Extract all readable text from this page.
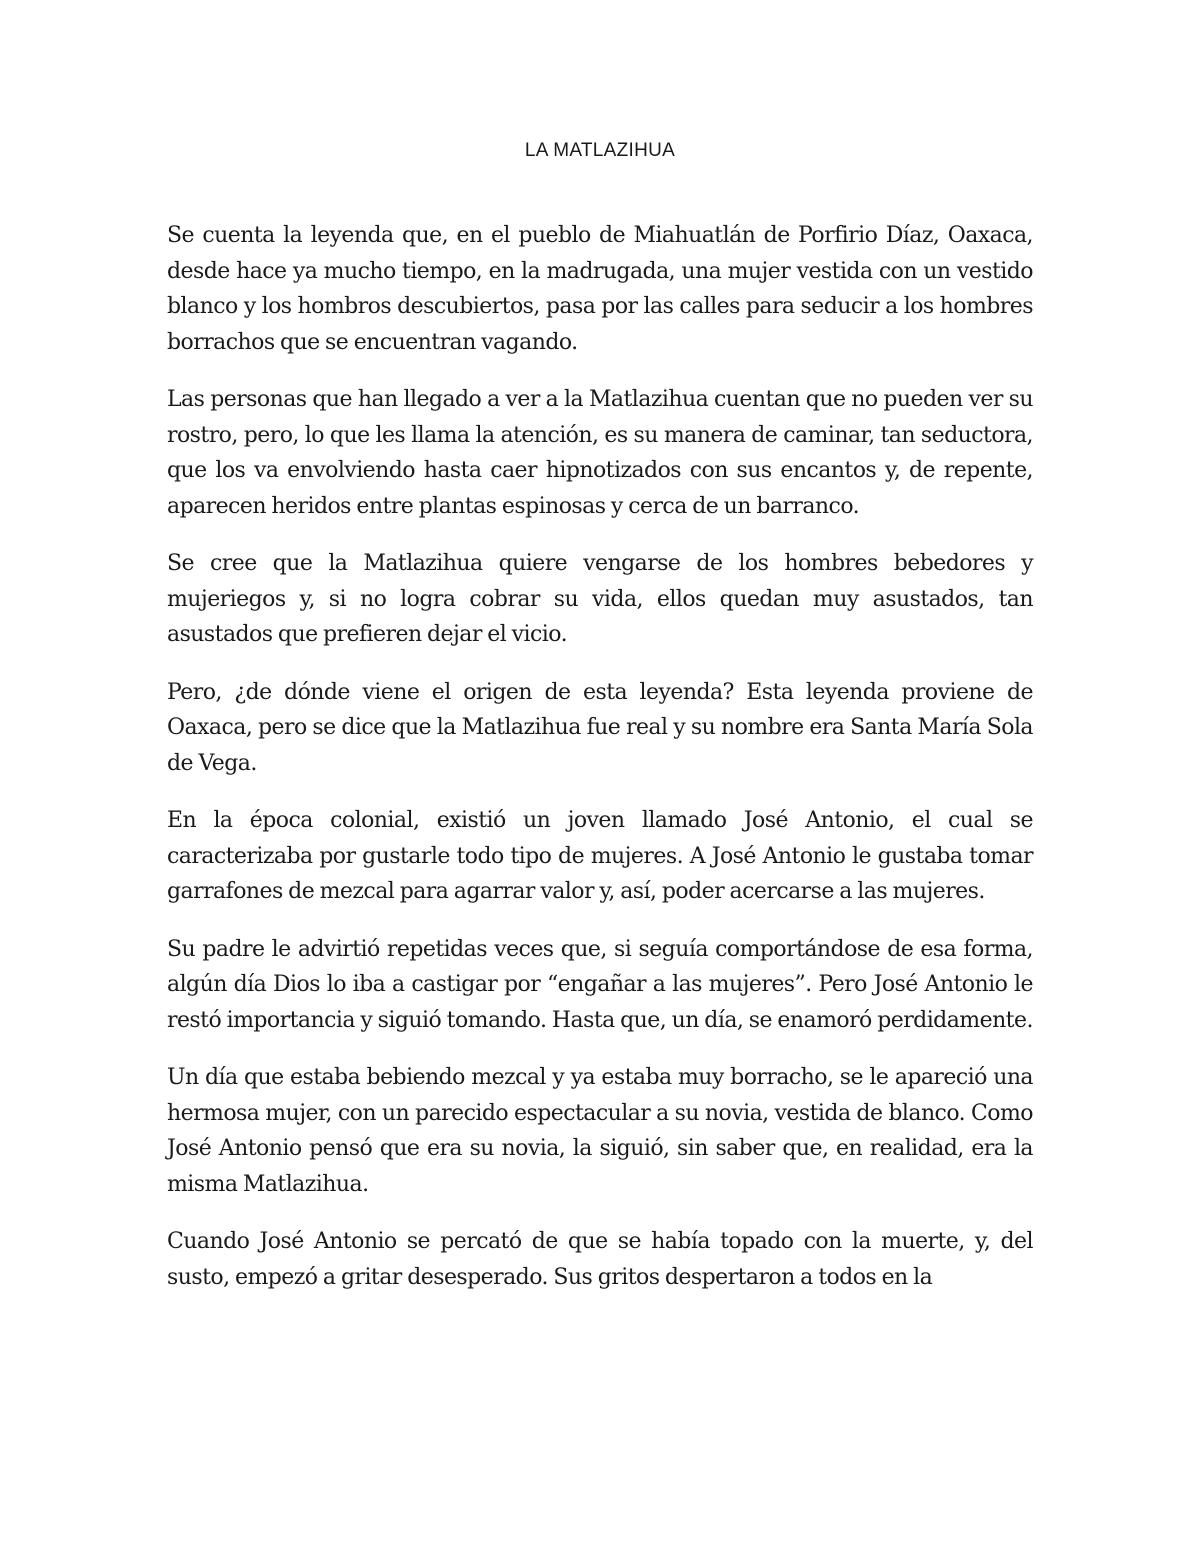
LA MATLAZIHUA

Se cuenta la leyenda que, en el pueblo de Miahuatlán de Porfirio Díaz, Oaxaca, desde hace ya mucho tiempo, en la madrugada, una mujer vestida con un vestido blanco y los hombros descubiertos, pasa por las calles para seducir a los hombres borrachos que se encuentran vagando.

Las personas que han llegado a ver a la Matlazihua cuentan que no pueden ver su rostro, pero, lo que les llama la atención, es su manera de caminar, tan seductora, que los va envolviendo hasta caer hipnotizados con sus encantos y, de repente, aparecen heridos entre plantas espinosas y cerca de un barranco.

Se cree que la Matlazihua quiere vengarse de los hombres bebedores y mujeriegos y, si no logra cobrar su vida, ellos quedan muy asustados, tan asustados que prefieren dejar el vicio.

Pero, ¿de dónde viene el origen de esta leyenda? Esta leyenda proviene de Oaxaca, pero se dice que la Matlazihua fue real y su nombre era Santa María Sola de Vega.

En la época colonial, existió un joven llamado José Antonio, el cual se caracterizaba por gustarle todo tipo de mujeres. A José Antonio le gustaba tomar garrafones de mezcal para agarrar valor y, así, poder acercarse a las mujeres.

Su padre le advirtió repetidas veces que, si seguía comportándose de esa forma, algún día Dios lo iba a castigar por “engañar a las mujeres”. Pero José Antonio le restó importancia y siguió tomando. Hasta que, un día, se enamoró perdidamente.

Un día que estaba bebiendo mezcal y ya estaba muy borracho, se le apareció una hermosa mujer, con un parecido espectacular a su novia, vestida de blanco. Como José Antonio pensó que era su novia, la siguió, sin saber que, en realidad, era la misma Matlazihua.

Cuando José Antonio se percató de que se había topado con la muerte, y, del susto, empezó a gritar desesperado. Sus gritos despertaron a todos en la
